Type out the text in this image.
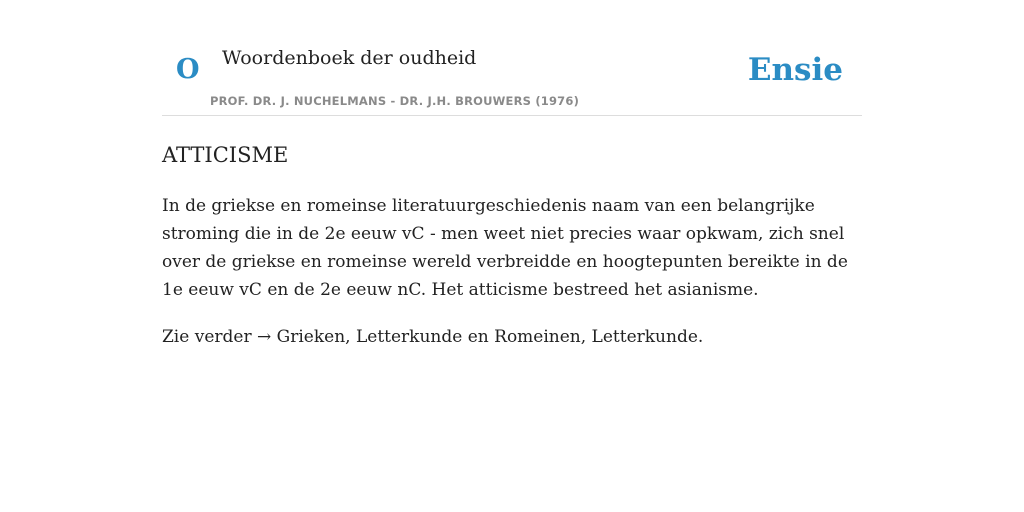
O Woordenboek der oudheid
PROF. DR. J. NUCHELMANS - DR. J.H. BROUWERS (1976)
Ensie
ATTICISME

In de griekse en romeinse literatuurgeschiedenis naam van een belangrijke stroming die in de 2e eeuw vC - men weet niet precies waar opkwam, zich snel over de griekse en romeinse wereld verbreidde en hoogtepunten bereikte in de 1e eeuw vC en de 2e eeuw nC. Het atticisme bestreed het asianisme.

Zie verder → Grieken, Letterkunde en Romeinen, Letterkunde.
